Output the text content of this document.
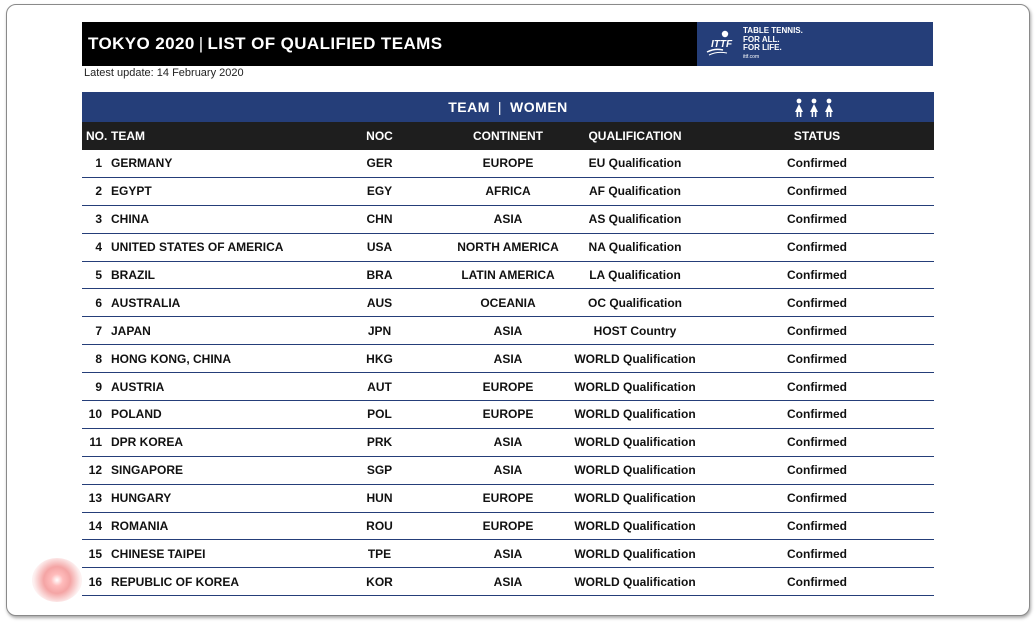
TOKYO 2020 | LIST OF QUALIFIED TEAMS	ITTF
TABLE TENNIS.
FOR ALL.
FOR LIFE.
ittf.com
Latest update: 14 February 2020
TEAM | WOMEN
NO. TEAM	NOC	CONTINENT	QUALIFICATION	STATUS
1 GERMANY	GER	EUROPE	EU Qualification	Confirmed
2 EGYPT	EGY	AFRICA	AF Qualification	Confirmed
3 CHINA	CHN	ASIA	AS Qualification	Confirmed
4 UNITED STATES OF AMERICA	USA	NORTH AMERICA	NA Qualification	Confirmed
5 BRAZIL	BRA	LATIN AMERICA	LA Qualification	Confirmed
6 AUSTRALIA	AUS	OCEANIA	OC Qualification	Confirmed
7 JAPAN	JPN	ASIA	HOST Country	Confirmed
8 HONG KONG, CHINA	HKG	ASIA	WORLD Qualification	Confirmed
9 AUSTRIA	AUT	EUROPE	WORLD Qualification	Confirmed
10 POLAND	POL	EUROPE	WORLD Qualification	Confirmed
11 DPR KOREA	PRK	ASIA	WORLD Qualification	Confirmed
12 SINGAPORE	SGP	ASIA	WORLD Qualification	Confirmed
13 HUNGARY	HUN	EUROPE	WORLD Qualification	Confirmed
14 ROMANIA	ROU	EUROPE	WORLD Qualification	Confirmed
15 CHINESE TAIPEI	TPE	ASIA	WORLD Qualification	Confirmed
16 REPUBLIC OF KOREA	KOR	ASIA	WORLD Qualification	Confirmed
